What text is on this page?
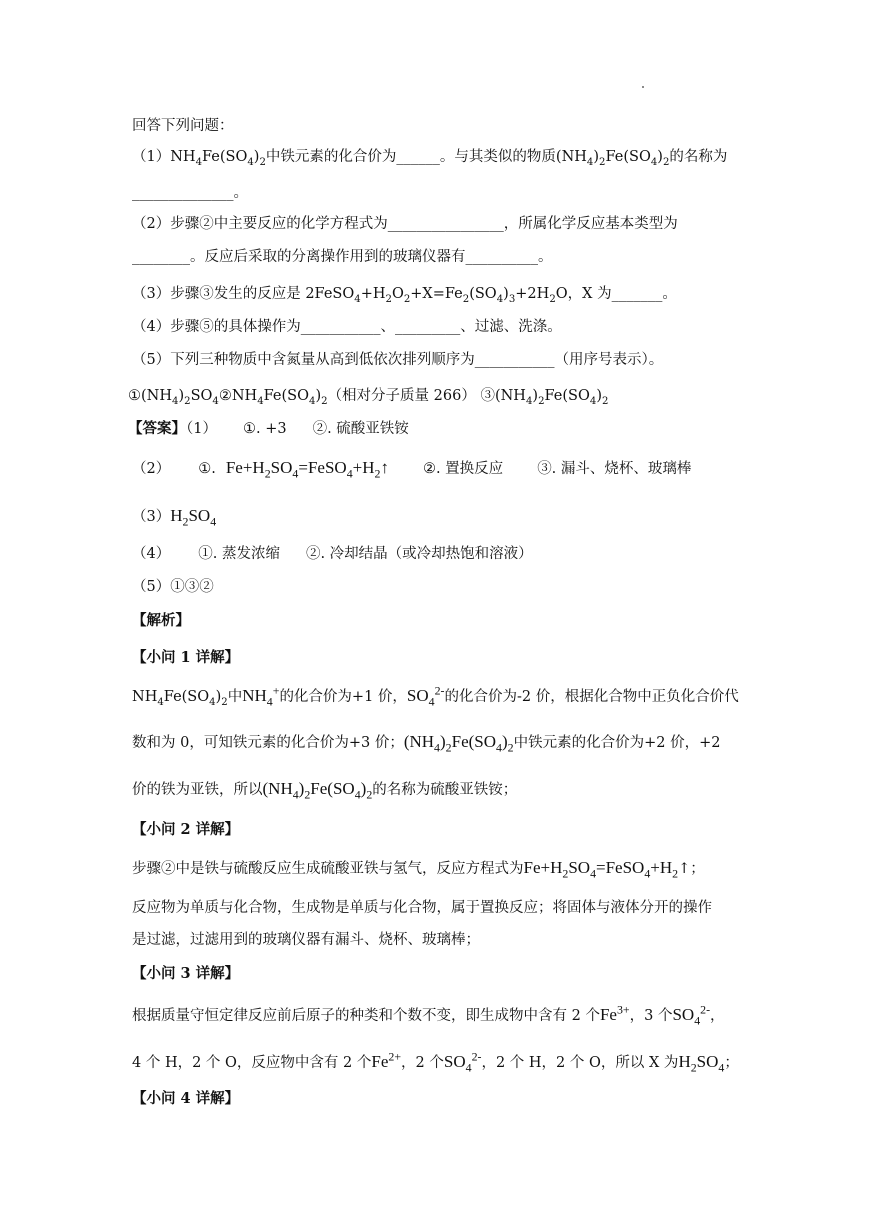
回答下列问题：
$(1)NH_4Fe(SO_4)_2$中铁元素的化合价为______。与其类似的物质$(NH_4)_2Fe(SO_4)_2$的名称为
______________。
（2）步骤②中主要反应的化学方程式为________________，所属化学反应基本类型为
________。反应后采取的分离操作用到的玻璃仪器有__________。
（3）步骤③发生的反应是 $2FeSO_4+H_2O_2+X=Fe_2(SO_4)_3+2H_2O$，X 为_______。
（4）步骤⑤的具体操作为___________、_________、过滤、洗涤。
（5）下列三种物质中含氮量从高到低依次排列顺序为___________（用序号表示）。
$①(NH_4)_2SO_4②NH_4Fe(SO_4)_2$（相对分子质量 266） $③(NH_4)_2Fe(SO_4)_2$
【答案】（1） ①. +3 ②. 硫酸亚铁铵
（2） ①. $Fe+H_2SO_4=FeSO_4+H_2↑$ ②. 置换反应 ③. 漏斗、烧杯、玻璃棒
$(3)H_2SO_4$
（4） ①. 蒸发浓缩 ②. 冷却结晶（或冷却热饱和溶液）
（5）①③②
【解析】
【小问 1 详解】
$NH_4Fe(SO_4)_2$中$NH_4^+$的化合价为+1 价，$SO_4^{2-}$的化合价为-2 价，根据化合物中正负化合价代
数和为 0，可知铁元素的化合价为+3 价；$(NH_4)_2Fe(SO_4)_2$中铁元素的化合价为+2 价，+2
价的铁为亚铁，所以$(NH_4)_2Fe(SO_4)_2$的名称为硫酸亚铁铵；
【小问 2 详解】
步骤②中是铁与硫酸反应生成硫酸亚铁与氢气，反应方程式为$Fe+H_2SO_4=FeSO_4+H_2↑$；
反应物为单质与化合物，生成物是单质与化合物，属于置换反应；将固体与液体分开的操作
是过滤，过滤用到的玻璃仪器有漏斗、烧杯、玻璃棒；
【小问 3 详解】
根据质量守恒定律反应前后原子的种类和个数不变，即生成物中含有 2 个$Fe^{3+}$，3 个$SO_4^{2-}$，
4 个 H，2 个 O，反应物中含有 2 个$Fe^{2+}$，2 个$SO_4^{2-}$，2 个 H，2 个 O，所以 X 为$H_2SO_4$；
【小问 4 详解】
